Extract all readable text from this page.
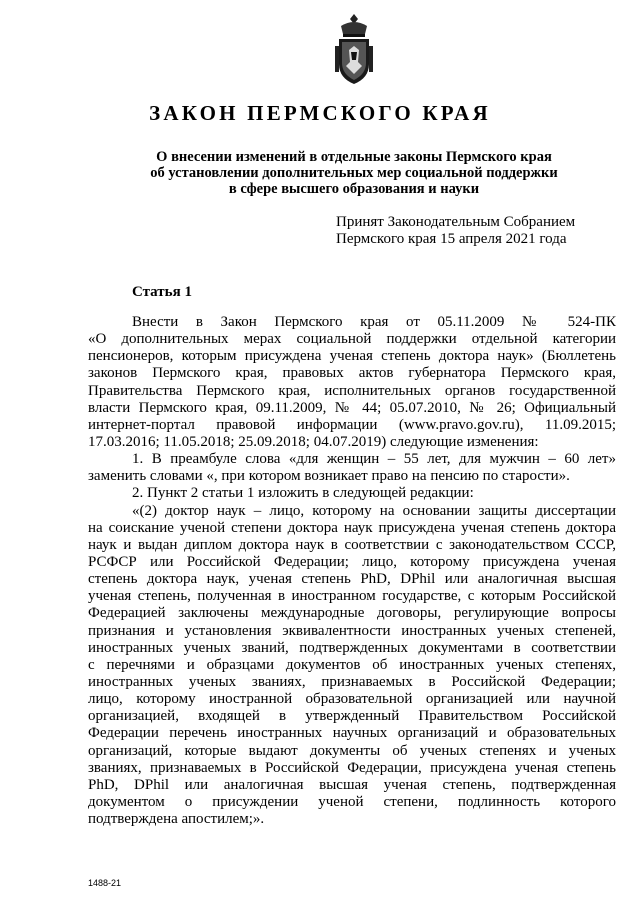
ЗАКОН ПЕРМСКОГО КРАЯ
О внесении изменений в отдельные законы Пермского края
об установлении дополнительных мер социальной поддержки
в сфере высшего образования и науки
Принят Законодательным Собранием
Пермского края 15 апреля 2021 года
Статья 1
Внести в Закон Пермского края от 05.11.2009 № 524-ПК
«О дополнительных мерах социальной поддержки отдельной категории
пенсионеров, которым присуждена ученая степень доктора наук» (Бюллетень
законов Пермского края, правовых актов губернатора Пермского края,
Правительства Пермского края, исполнительных органов государственной
власти Пермского края, 09.11.2009, № 44; 05.07.2010, № 26; Официальный
интернет-портал правовой информации (www.pravo.gov.ru), 11.09.2015;
17.03.2016; 11.05.2018; 25.09.2018; 04.07.2019) следующие изменения:
1. В преамбуле слова «для женщин – 55 лет, для мужчин – 60 лет»
заменить словами «, при котором возникает право на пенсию по старости».
2. Пункт 2 статьи 1 изложить в следующей редакции:
«(2) доктор наук – лицо, которому на основании защиты диссертации
на соискание ученой степени доктора наук присуждена ученая степень доктора
наук и выдан диплом доктора наук в соответствии с законодательством СССР,
РСФСР или Российской Федерации; лицо, которому присуждена ученая
степень доктора наук, ученая степень PhD, DPhil или аналогичная высшая
ученая степень, полученная в иностранном государстве, с которым Российской
Федерацией заключены международные договоры, регулирующие вопросы
признания и установления эквивалентности иностранных ученых степеней,
иностранных ученых званий, подтвержденных документами в соответствии
с перечнями и образцами документов об иностранных ученых степенях,
иностранных ученых званиях, признаваемых в Российской Федерации;
лицо, которому иностранной образовательной организацией или научной
организацией, входящей в утвержденный Правительством Российской
Федерации перечень иностранных научных организаций и образовательных
организаций, которые выдают документы об ученых степенях и ученых
званиях, признаваемых в Российской Федерации, присуждена ученая степень
PhD, DPhil или аналогичная высшая ученая степень, подтвержденная
документом о присуждении ученой степени, подлинность которого
подтверждена апостилем;».
1488-21
